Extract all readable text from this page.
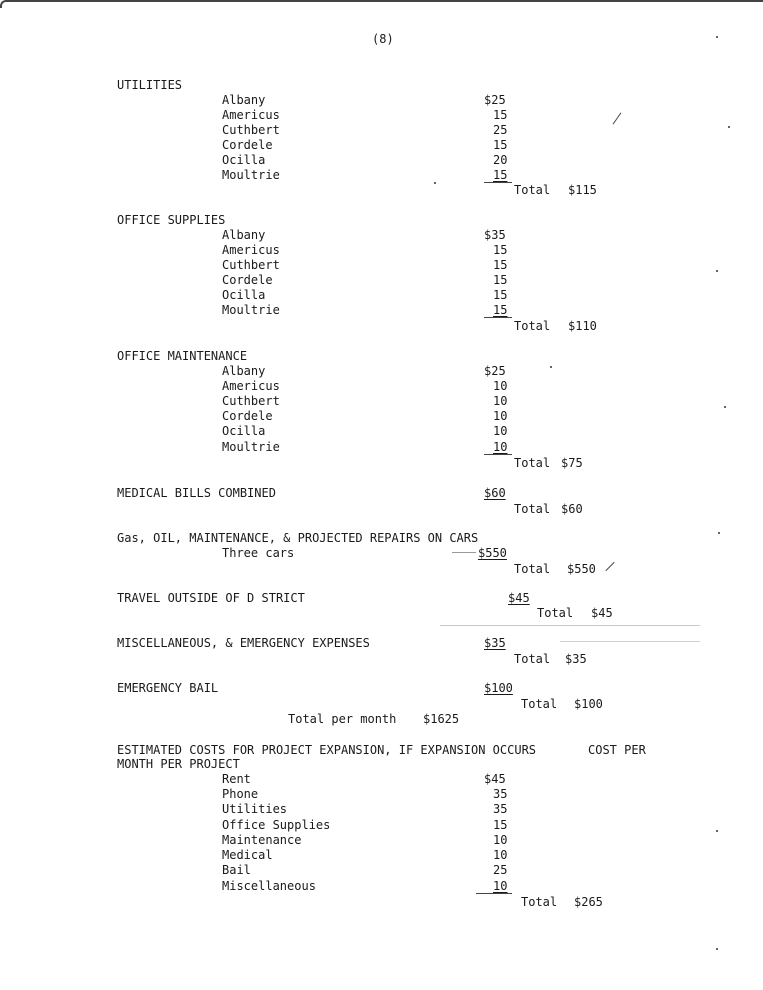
(8)
UTILITIES
Albany	$25
Americus	15
Cuthbert	25
Cordele	15
Ocilla	20
Moultrie	15
Total $115
OFFICE SUPPLIES
Albany	$35
Americus	15
Cuthbert	15
Cordele	15
Ocilla	15
Moultrie	15
Total $110
OFFICE MAINTENANCE
Albany	$25
Americus	10
Cuthbert	10
Cordele	10
Ocilla	10
Moultrie	10
Total $75
MEDICAL BILLS COMBINED	$60
Total $60
Gas, OIL, MAINTENANCE, & PROJECTED REPAIRS ON CARS
Three cars	$550
Total $550
TRAVEL OUTSIDE OF D STRICT	$45
Total $45
MISCELLANEOUS, & EMERGENCY EXPENSES	$35
Total $35
EMERGENCY BAIL	$100
Total $100
Total per month $1625
ESTIMATED COSTS FOR PROJECT EXPANSION, IF EXPANSION OCCURS	COST PER
MONTH PER PROJECT
Rent	$45
Phone	35
Utilities	35
Office Supplies	15
Maintenance	10
Medical	10
Bail	25
Miscellaneous	10
Total $265
